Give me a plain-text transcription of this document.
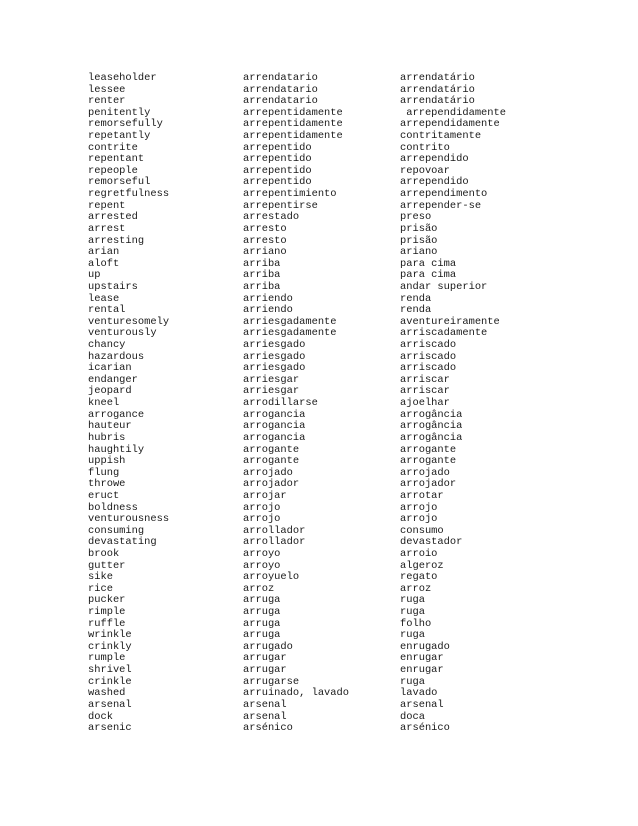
leaseholder	arrendatario	arrendatário
lessee	arrendatario	arrendatário
renter	arrendatario	arrendatário
penitently	arrepentidamente	arrependidamente
remorsefully	arrepentidamente	arrependidamente
repetantly	arrepentidamente	contritamente
contrite	arrepentido	contrito
repentant	arrepentido	arrependido
repeople	arrepentido	repovoar
remorseful	arrepentido	arrependido
regretfulness	arrepentimiento	arrependimento
repent	arrepentirse	arrepender-se
arrested	arrestado	preso
arrest	arresto	prisão
arresting	arresto	prisão
arian	arriano	ariano
aloft	arriba	para cima
up	arriba	para cima
upstairs	arriba	andar superior
lease	arriendo	renda
rental	arriendo	renda
venturesomely	arriesgadamente	aventureiramente
venturously	arriesgadamente	arriscadamente
chancy	arriesgado	arriscado
hazardous	arriesgado	arriscado
icarian	arriesgado	arriscado
endanger	arriesgar	arriscar
jeopard	arriesgar	arriscar
kneel	arrodillarse	ajoelhar
arrogance	arrogancia	arrogância
hauteur	arrogancia	arrogância
hubris	arrogancia	arrogância
haughtily	arrogante	arrogante
uppish	arrogante	arrogante
flung	arrojado	arrojado
throwe	arrojador	arrojador
eruct	arrojar	arrotar
boldness	arrojo	arrojo
venturousness	arrojo	arrojo
consuming	arrollador	consumo
devastating	arrollador	devastador
brook	arroyo	arroio
gutter	arroyo	algeroz
sike	arroyuelo	regato
rice	arroz	arroz
pucker	arruga	ruga
rimple	arruga	ruga
ruffle	arruga	folho
wrinkle	arruga	ruga
crinkly	arrugado	enrugado
rumple	arrugar	enrugar
shrivel	arrugar	enrugar
crinkle	arrugarse	ruga
washed	arruinado, lavado	lavado
arsenal	arsenal	arsenal
dock	arsenal	doca
arsenic	arsénico	arsénico
